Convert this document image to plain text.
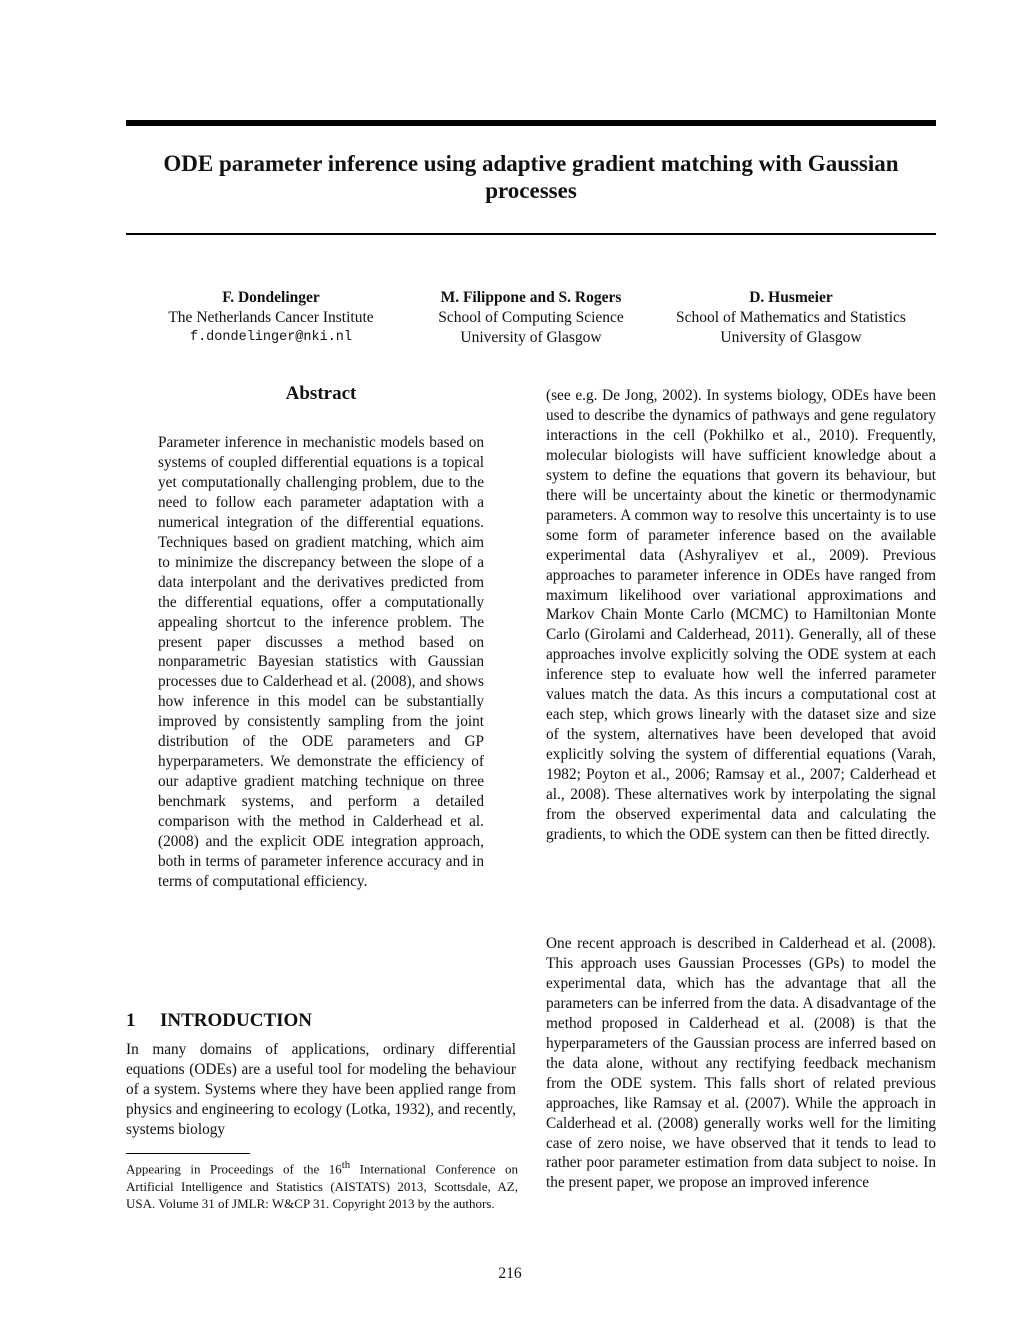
ODE parameter inference using adaptive gradient matching with Gaussian processes
F. Dondelinger
The Netherlands Cancer Institute
f.dondelinger@nki.nl
M. Filippone and S. Rogers
School of Computing Science
University of Glasgow
D. Husmeier
School of Mathematics and Statistics
University of Glasgow
Abstract

Parameter inference in mechanistic models based on systems of coupled differential equations is a topical yet computationally challenging problem, due to the need to follow each parameter adaptation with a numerical integration of the differential equations. Techniques based on gradient matching, which aim to minimize the discrepancy between the slope of a data interpolant and the derivatives predicted from the differential equations, offer a computationally appealing shortcut to the inference problem. The present paper discusses a method based on nonparametric Bayesian statistics with Gaussian processes due to Calderhead et al. (2008), and shows how inference in this model can be substantially improved by consistently sampling from the joint distribution of the ODE parameters and GP hyperparameters. We demonstrate the efficiency of our adaptive gradient matching technique on three benchmark systems, and perform a detailed comparison with the method in Calderhead et al. (2008) and the explicit ODE integration approach, both in terms of parameter inference accuracy and in terms of computational efficiency.

1 INTRODUCTION

In many domains of applications, ordinary differential equations (ODEs) are a useful tool for modeling the behaviour of a system. Systems where they have been applied range from physics and engineering to ecology (Lotka, 1932), and recently, systems biology

Appearing in Proceedings of the 16th International Conference on Artificial Intelligence and Statistics (AISTATS) 2013, Scottsdale, AZ, USA. Volume 31 of JMLR: W&CP 31. Copyright 2013 by the authors.

(see e.g. De Jong, 2002). In systems biology, ODEs have been used to describe the dynamics of pathways and gene regulatory interactions in the cell (Pokhilko et al., 2010). Frequently, molecular biologists will have sufficient knowledge about a system to define the equations that govern its behaviour, but there will be uncertainty about the kinetic or thermodynamic parameters. A common way to resolve this uncertainty is to use some form of parameter inference based on the available experimental data (Ashyraliyev et al., 2009). Previous approaches to parameter inference in ODEs have ranged from maximum likelihood over variational approximations and Markov Chain Monte Carlo (MCMC) to Hamiltonian Monte Carlo (Girolami and Calderhead, 2011). Generally, all of these approaches involve explicitly solving the ODE system at each inference step to evaluate how well the inferred parameter values match the data. As this incurs a computational cost at each step, which grows linearly with the dataset size and size of the system, alternatives have been developed that avoid explicitly solving the system of differential equations (Varah, 1982; Poyton et al., 2006; Ramsay et al., 2007; Calderhead et al., 2008). These alternatives work by interpolating the signal from the observed experimental data and calculating the gradients, to which the ODE system can then be fitted directly.

One recent approach is described in Calderhead et al. (2008). This approach uses Gaussian Processes (GPs) to model the experimental data, which has the advantage that all the parameters can be inferred from the data. A disadvantage of the method proposed in Calderhead et al. (2008) is that the hyperparameters of the Gaussian process are inferred based on the data alone, without any rectifying feedback mechanism from the ODE system. This falls short of related previous approaches, like Ramsay et al. (2007). While the approach in Calderhead et al. (2008) generally works well for the limiting case of zero noise, we have observed that it tends to lead to rather poor parameter estimation from data subject to noise. In the present paper, we propose an improved inference

216
